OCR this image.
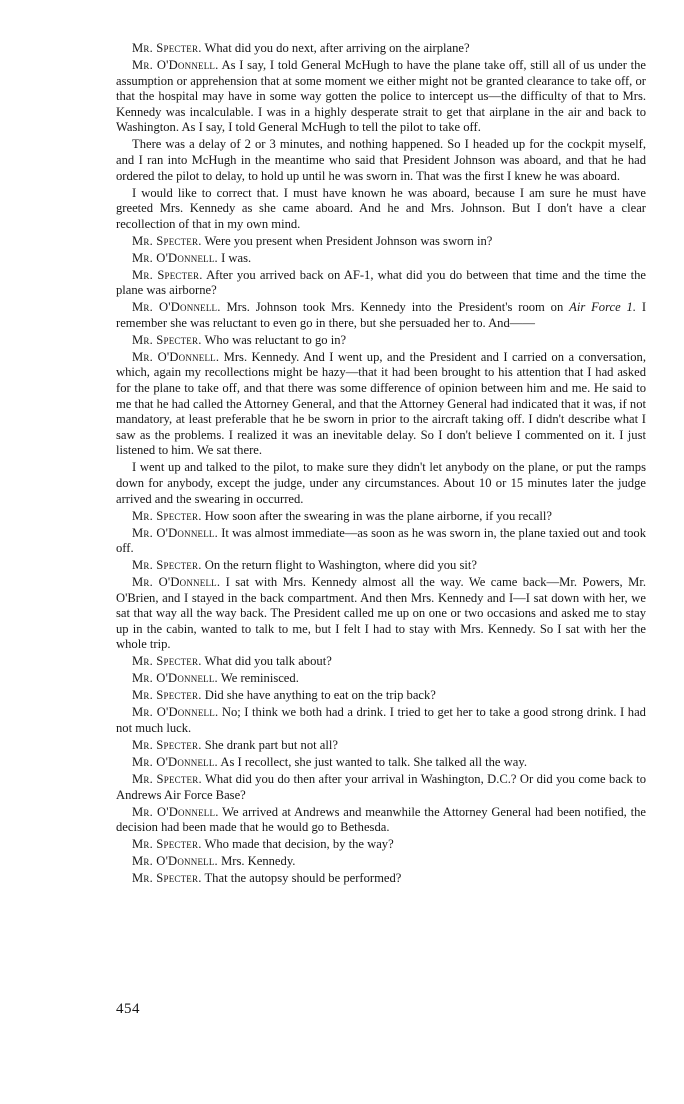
Mr. Specter. What did you do next, after arriving on the airplane?

Mr. O'Donnell. As I say, I told General McHugh to have the plane take off, still all of us under the assumption or apprehension that at some moment we either might not be granted clearance to take off, or that the hospital may have in some way gotten the police to intercept us—the difficulty of that to Mrs. Kennedy was incalculable. I was in a highly desperate strait to get that airplane in the air and back to Washington. As I say, I told General McHugh to tell the pilot to take off.

There was a delay of 2 or 3 minutes, and nothing happened. So I headed up for the cockpit myself, and I ran into McHugh in the meantime who said that President Johnson was aboard, and that he had ordered the pilot to delay, to hold up until he was sworn in. That was the first I knew he was aboard.

I would like to correct that. I must have known he was aboard, because I am sure he must have greeted Mrs. Kennedy as she came aboard. And he and Mrs. Johnson. But I don't have a clear recollection of that in my own mind.

Mr. Specter. Were you present when President Johnson was sworn in?

Mr. O'Donnell. I was.

Mr. Specter. After you arrived back on AF-1, what did you do between that time and the time the plane was airborne?

Mr. O'Donnell. Mrs. Johnson took Mrs. Kennedy into the President's room on Air Force 1. I remember she was reluctant to even go in there, but she persuaded her to. And——

Mr. Specter. Who was reluctant to go in?

Mr. O'Donnell. Mrs. Kennedy. And I went up, and the President and I carried on a conversation, which, again my recollections might be hazy—that it had been brought to his attention that I had asked for the plane to take off, and that there was some difference of opinion between him and me. He said to me that he had called the Attorney General, and that the Attorney General had indicated that it was, if not mandatory, at least preferable that he be sworn in prior to the aircraft taking off. I didn't describe what I saw as the problems. I realized it was an inevitable delay. So I don't believe I commented on it. I just listened to him. We sat there.

I went up and talked to the pilot, to make sure they didn't let anybody on the plane, or put the ramps down for anybody, except the judge, under any circumstances. About 10 or 15 minutes later the judge arrived and the swearing in occurred.

Mr. Specter. How soon after the swearing in was the plane airborne, if you recall?

Mr. O'Donnell. It was almost immediate—as soon as he was sworn in, the plane taxied out and took off.

Mr. Specter. On the return flight to Washington, where did you sit?

Mr. O'Donnell. I sat with Mrs. Kennedy almost all the way. We came back—Mr. Powers, Mr. O'Brien, and I stayed in the back compartment. And then Mrs. Kennedy and I—I sat down with her, we sat that way all the way back. The President called me up on one or two occasions and asked me to stay up in the cabin, wanted to talk to me, but I felt I had to stay with Mrs. Kennedy. So I sat with her the whole trip.

Mr. Specter. What did you talk about?

Mr. O'Donnell. We reminisced.

Mr. Specter. Did she have anything to eat on the trip back?

Mr. O'Donnell. No; I think we both had a drink. I tried to get her to take a good strong drink. I had not much luck.

Mr. Specter. She drank part but not all?

Mr. O'Donnell. As I recollect, she just wanted to talk. She talked all the way.

Mr. Specter. What did you do then after your arrival in Washington, D.C.? Or did you come back to Andrews Air Force Base?

Mr. O'Donnell. We arrived at Andrews and meanwhile the Attorney General had been notified, the decision had been made that he would go to Bethesda.

Mr. Specter. Who made that decision, by the way?

Mr. O'Donnell. Mrs. Kennedy.

Mr. Specter. That the autopsy should be performed?

454
